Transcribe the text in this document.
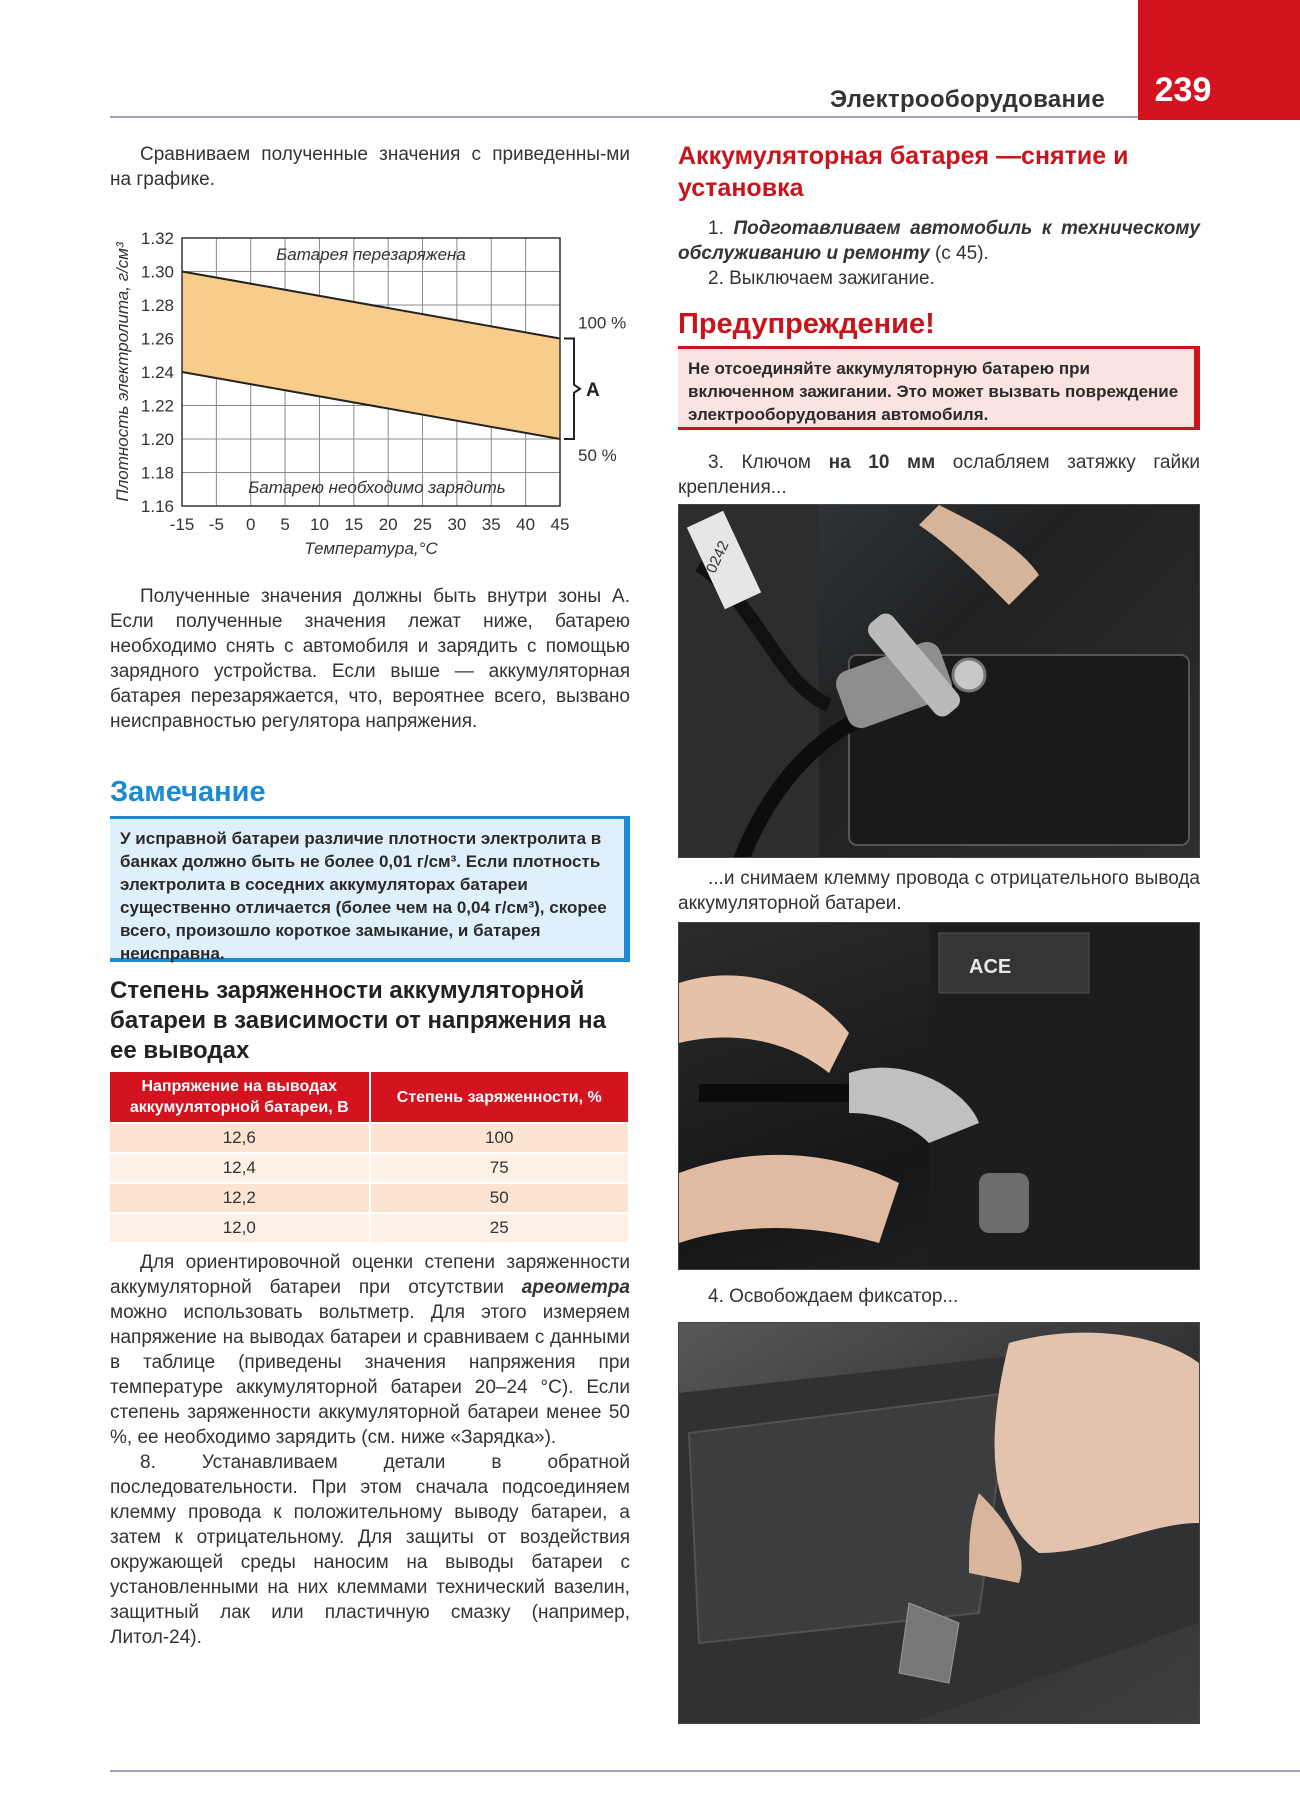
Электрооборудование	239

Сравниваем полученные значения с приведенны-ми на графике.

1.16
1.18
1.20
1.22
1.24
1.26
1.28
1.30
1.32
-15 -5 0 5 10 15 20 25 30 35 40 45
Батарея перезаряжена
Батарею необходимо зарядить
100 %
50 %
А
Температура,°С
Плотность электролита, г/см³

Полученные значения должны быть внутри зоны А. Если полученные значения лежат ниже, батарею необходимо снять с автомобиля и зарядить с помощью зарядного устройства. Если выше — аккумуляторная батарея перезаряжается, что, вероятнее всего, вызвано неисправностью регулятора напряжения.

Замечание
У исправной батареи различие плотности электролита в банках должно быть не более 0,01 г/см³. Если плотность электролита в соседних аккумуляторах батареи существенно отличается (более чем на 0,04 г/см³), скорее всего, произошло короткое замыкание, и батарея неисправна.
Степень заряженности аккумуляторной батареи в зависимости от напряжения на ее выводах
Напряжение на выводах аккумуляторной батареи, В	Степень заряженности, %
12,6	100
12,4	75
12,2	50
12,0	25

Для ориентировочной оценки степени заряженности аккумуляторной батареи при отсутствии ареометра можно использовать вольтметр. Для этого измеряем напряжение на выводах батареи и сравниваем с данными в таблице (приведены значения напряжения при температуре аккумуляторной батареи 20–24 °С). Если степень заряженности аккумуляторной батареи менее 50 %, ее необходимо зарядить (см. ниже «Зарядка»).

8. Устанавливаем детали в обратной последовательности. При этом сначала подсоединяем клемму провода к положительному выводу батареи, а затем к отрицательному. Для защиты от воздействия окружающей среды наносим на выводы батареи с установленными на них клеммами технический вазелин, защитный лак или пластичную смазку (например, Литол-24).

Аккумуляторная батарея —снятие и установка

1. Подготавливаем автомобиль к техническому обслуживанию и ремонту (с 45).

2. Выключаем зажигание.

Предупреждение!
Не отсоединяйте аккумуляторную батарею при включенном зажигании. Это может вызвать повреждение электрооборудования автомобиля.

3. Ключом на 10 мм ослабляем затяжку гайки крепления...

0242

...и снимаем клемму провода с отрицательного вывода аккумуляторной батареи.

ACE

4. Освобождаем фиксатор...
